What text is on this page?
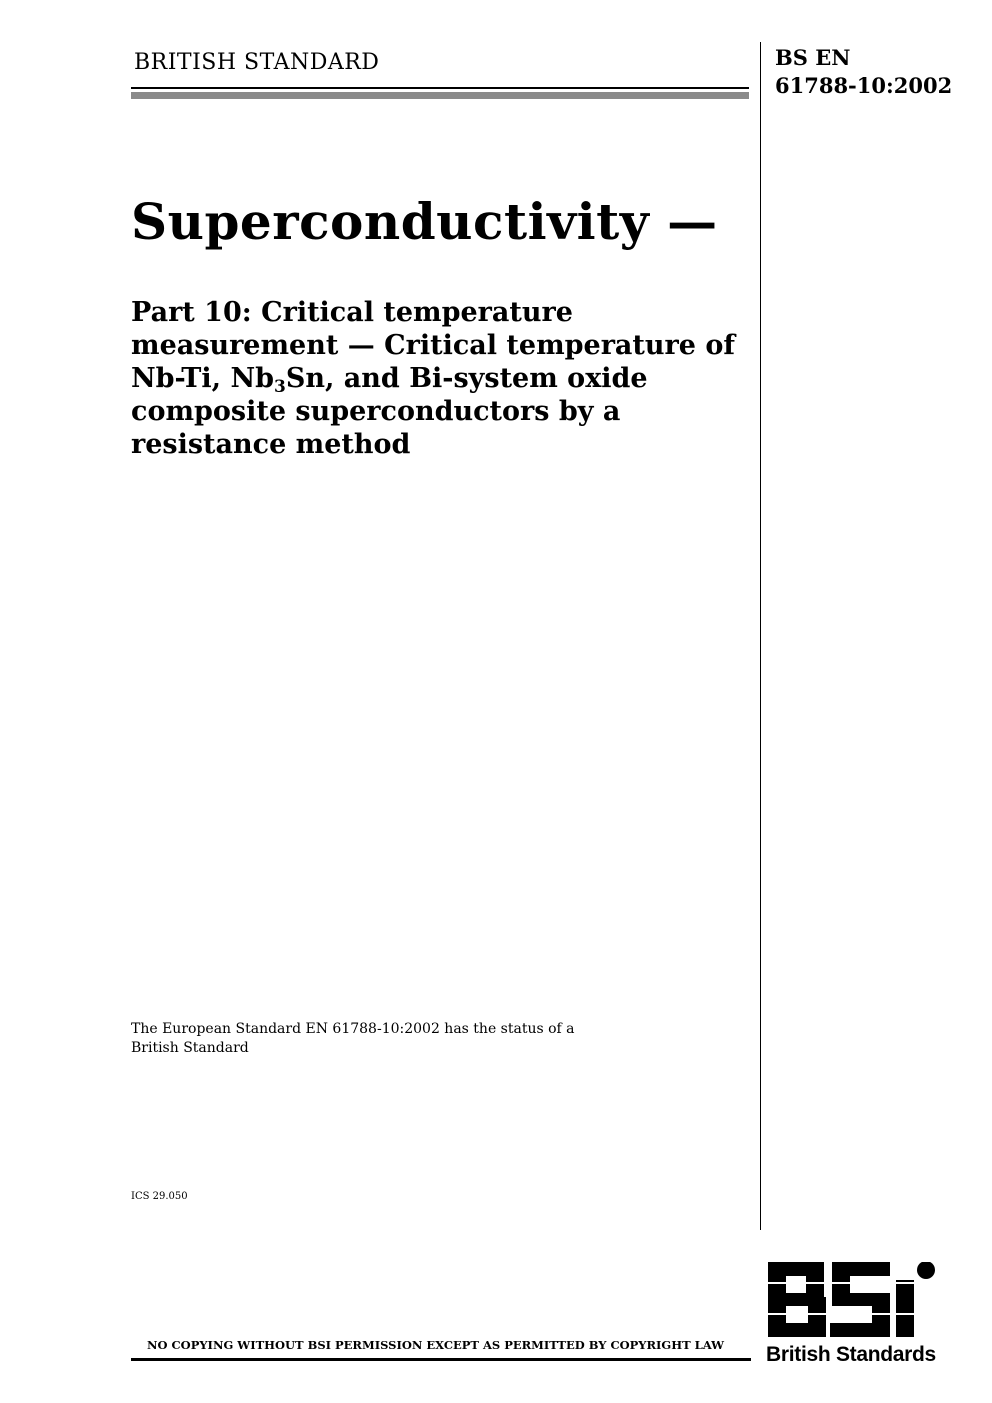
BRITISH STANDARD	BS EN
61788-10:2002
Superconductivity —
Part 10: Critical temperature
measurement — Critical temperature of
Nb-Ti, $Nb_3Sn$, and Bi-system oxide
composite superconductors by a
resistance method
The European Standard EN 61788-10:2002 has the status of a
British Standard
ICS 29.050
NO COPYING WITHOUT BSI PERMISSION EXCEPT AS PERMITTED BY COPYRIGHT LAW British Standards
